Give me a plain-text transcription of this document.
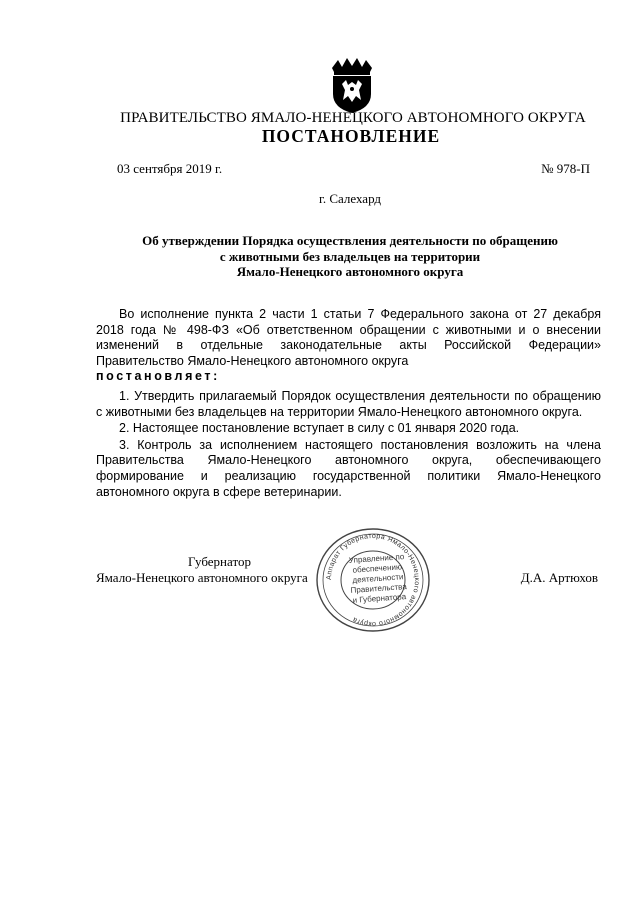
ПРАВИТЕЛЬСТВО ЯМАЛО-НЕНЕЦКОГО АВТОНОМНОГО ОКРУГА
ПОСТАНОВЛЕНИЕ
03 сентября 2019 г.	№ 978-П
г. Салехард
Об утверждении Порядка осуществления деятельности по обращению
с животными без владельцев на территории
Ямало-Ненецкого автономного округа
Во исполнение пункта 2 части 1 статьи 7 Федерального закона от 27 декабря 2018 года № 498-ФЗ «Об ответственном обращении с животными и о внесении изменений в отдельные законодательные акты Российской Федерации» Правительство Ямало-Ненецкого автономного округа
постановляет:

1. Утвердить прилагаемый Порядок осуществления деятельности по обращению с животными без владельцев на территории Ямало-Ненецкого автономного округа.

2. Настоящее постановление вступает в силу с 01 января 2020 года.

3. Контроль за исполнением настоящего постановления возложить на члена Правительства Ямало-Ненецкого автономного округа, обеспечивающего формирование и реализацию государственной политики Ямало-Ненецкого автономного округа в сфере ветеринарии.

Аппарат Губернатора Ямало-Ненецкого автономного округа
Управление по
обеспечению
деятельности
Правительства
и Губернатора
Губернатор
Ямало-Ненецкого автономного округа	Д.А. Артюхов
